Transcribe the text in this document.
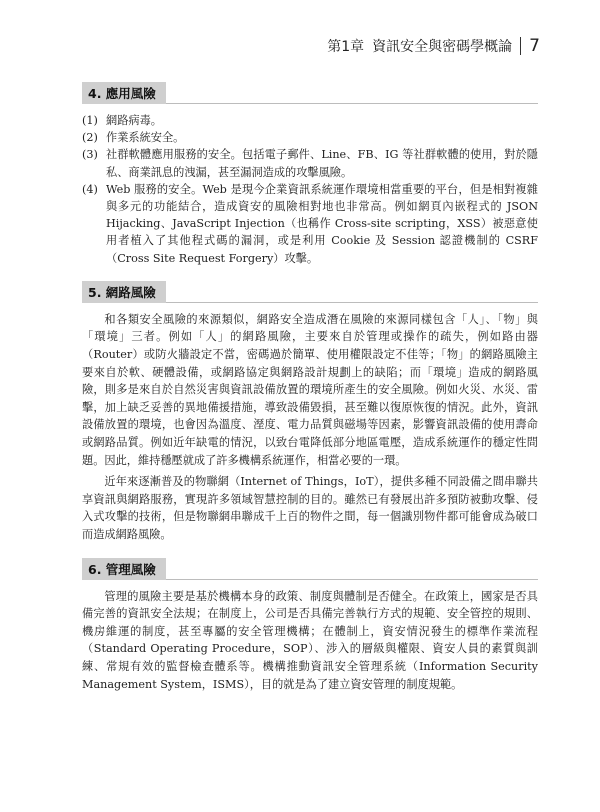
第1章 資訊安全與密碼學概論 7
4. 應用風險
(1) 網路病毒。
(2) 作業系統安全。
(3) 社群軟體應用服務的安全。包括電子郵件、Line、FB、IG 等社群軟體的使用，對於隱私、商業訊息的洩漏，甚至漏洞造成的攻擊風險。
(4) Web 服務的安全。Web 是現今企業資訊系統運作環境相當重要的平台，但是相對複雜與多元的功能結合，造成資安的風險相對地也非常高。例如網頁內嵌程式的 JSON Hijacking、JavaScript Injection（也稱作 Cross-site scripting，XSS）被惡意使用者植入了其他程式碼的漏洞，或是利用 Cookie 及 Session 認證機制的 CSRF（Cross Site Request Forgery）攻擊。
5. 網路風險

和各類安全風險的來源類似，網路安全造成潛在風險的來源同樣包含「人」、「物」與「環境」三者。例如「人」的網路風險，主要來自於管理或操作的疏失，例如路由器（Router）或防火牆設定不當，密碼過於簡單、使用權限設定不佳等；「物」的網路風險主要來自於軟、硬體設備，或網路協定與網路設計規劃上的缺陷；而「環境」造成的網路風險，則多是來自於自然災害與資訊設備放置的環境所產生的安全風險。例如火災、水災、雷擊，加上缺乏妥善的異地備援措施，導致設備毀損，甚至難以復原恢復的情況。此外，資訊設備放置的環境，也會因為溫度、溼度、電力品質與磁場等因素，影響資訊設備的使用壽命或網路品質。例如近年缺電的情況，以致台電降低部分地區電壓，造成系統運作的穩定性問題。因此，維持穩壓就成了許多機構系統運作，相當必要的一環。

近年來逐漸普及的物聯網（Internet of Things，IoT），提供多種不同設備之間串聯共享資訊與網路服務，實現許多領域智慧控制的目的。雖然已有發展出許多預防被動攻擊、侵入式攻擊的技術，但是物聯網串聯成千上百的物件之間，每一個識別物件都可能會成為破口而造成網路風險。

6. 管理風險

管理的風險主要是基於機構本身的政策、制度與體制是否健全。在政策上，國家是否具備完善的資訊安全法規；在制度上，公司是否具備完善執行方式的規範、安全管控的規則、機房維運的制度，甚至專屬的安全管理機構；在體制上，資安情況發生的標準作業流程（Standard Operating Procedure，SOP）、涉入的層級與權限、資安人員的素質與訓練、常規有效的監督檢查體系等。機構推動資訊安全管理系統（Information Security Management System，ISMS），目的就是為了建立資安管理的制度規範。
